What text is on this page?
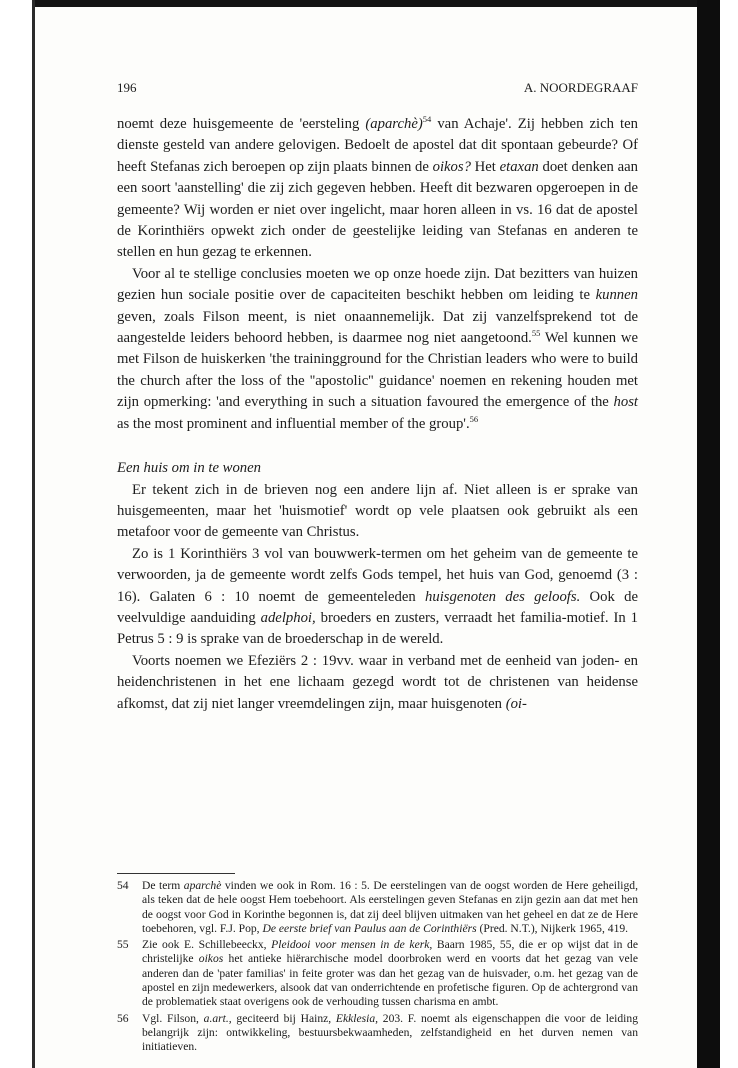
196	A. NOORDEGRAAF

noemt deze huisgemeente de 'eersteling (aparchè)$^{54}$ van Achaje'. Zij hebben zich ten dienste gesteld van andere gelovigen. Bedoelt de apostel dat dit spontaan gebeurde? Of heeft Stefanas zich beroepen op zijn plaats binnen de oikos? Het etaxan doet denken aan een soort 'aanstelling' die zij zich gegeven hebben. Heeft dit bezwaren opgeroepen in de gemeente? Wij worden er niet over ingelicht, maar horen alleen in vs. 16 dat de apostel de Korinthiërs opwekt zich onder de geestelijke leiding van Stefanas en anderen te stellen en hun gezag te erkennen.

Voor al te stellige conclusies moeten we op onze hoede zijn. Dat bezitters van huizen gezien hun sociale positie over de capaciteiten beschikt hebben om leiding te kunnen geven, zoals Filson meent, is niet onaannemelijk. Dat zij vanzelfsprekend tot de aangestelde leiders behoord hebben, is daarmee nog niet aangetoond.$^{55}$ Wel kunnen we met Filson de huiskerken 'the trainingground for the Christian leaders who were to build the church after the loss of the ''apostolic'' guidance' noemen en rekening houden met zijn opmerking: 'and everything in such a situation favoured the emergence of the host as the most prominent and influential member of the group'.$^{56}$

Een huis om in te wonen

Er tekent zich in de brieven nog een andere lijn af. Niet alleen is er sprake van huisgemeenten, maar het 'huismotief' wordt op vele plaatsen ook gebruikt als een metafoor voor de gemeente van Christus.

Zo is 1 Korinthiërs 3 vol van bouwwerk-termen om het geheim van de gemeente te verwoorden, ja de gemeente wordt zelfs Gods tempel, het huis van God, genoemd (3 : 16). Galaten 6 : 10 noemt de gemeenteleden huisgenoten des geloofs. Ook de veelvuldige aanduiding adelphoi, broeders en zusters, verraadt het familia-motief. In 1 Petrus 5 : 9 is sprake van de broederschap in de wereld.

Voorts noemen we Efeziërs 2 : 19vv. waar in verband met de eenheid van joden- en heidenchristenen in het ene lichaam gezegd wordt tot de christenen van heidense afkomst, dat zij niet langer vreemdelingen zijn, maar huisgenoten (oi-

54 De term aparchè vinden we ook in Rom. 16 : 5. De eerstelingen van de oogst worden de Here geheiligd, als teken dat de hele oogst Hem toebehoort. Als eerstelingen geven Stefanas en zijn gezin aan dat met hen de oogst voor God in Korinthe begonnen is, dat zij deel blijven uitmaken van het geheel en dat ze de Here toebehoren, vgl. F.J. Pop, De eerste brief van Paulus aan de Corinthiërs (Pred. N.T.), Nijkerk 1965, 419.
55 Zie ook E. Schillebeeckx, Pleidooi voor mensen in de kerk, Baarn 1985, 55, die er op wijst dat in de christelijke oikos het antieke hiërarchische model doorbroken werd en voorts dat het gezag van vele anderen dan de 'pater familias' in feite groter was dan het gezag van de huisvader, o.m. het gezag van de apostel en zijn medewerkers, alsook dat van onderrichtende en profetische figuren. Op de achtergrond van de problematiek staat overigens ook de verhouding tussen charisma en ambt.
56 Vgl. Filson, a.art., geciteerd bij Hainz, Ekklesia, 203. F. noemt als eigenschappen die voor de leiding belangrijk zijn: ontwikkeling, bestuursbekwaamheden, zelfstandigheid en het durven nemen van initiatieven.
